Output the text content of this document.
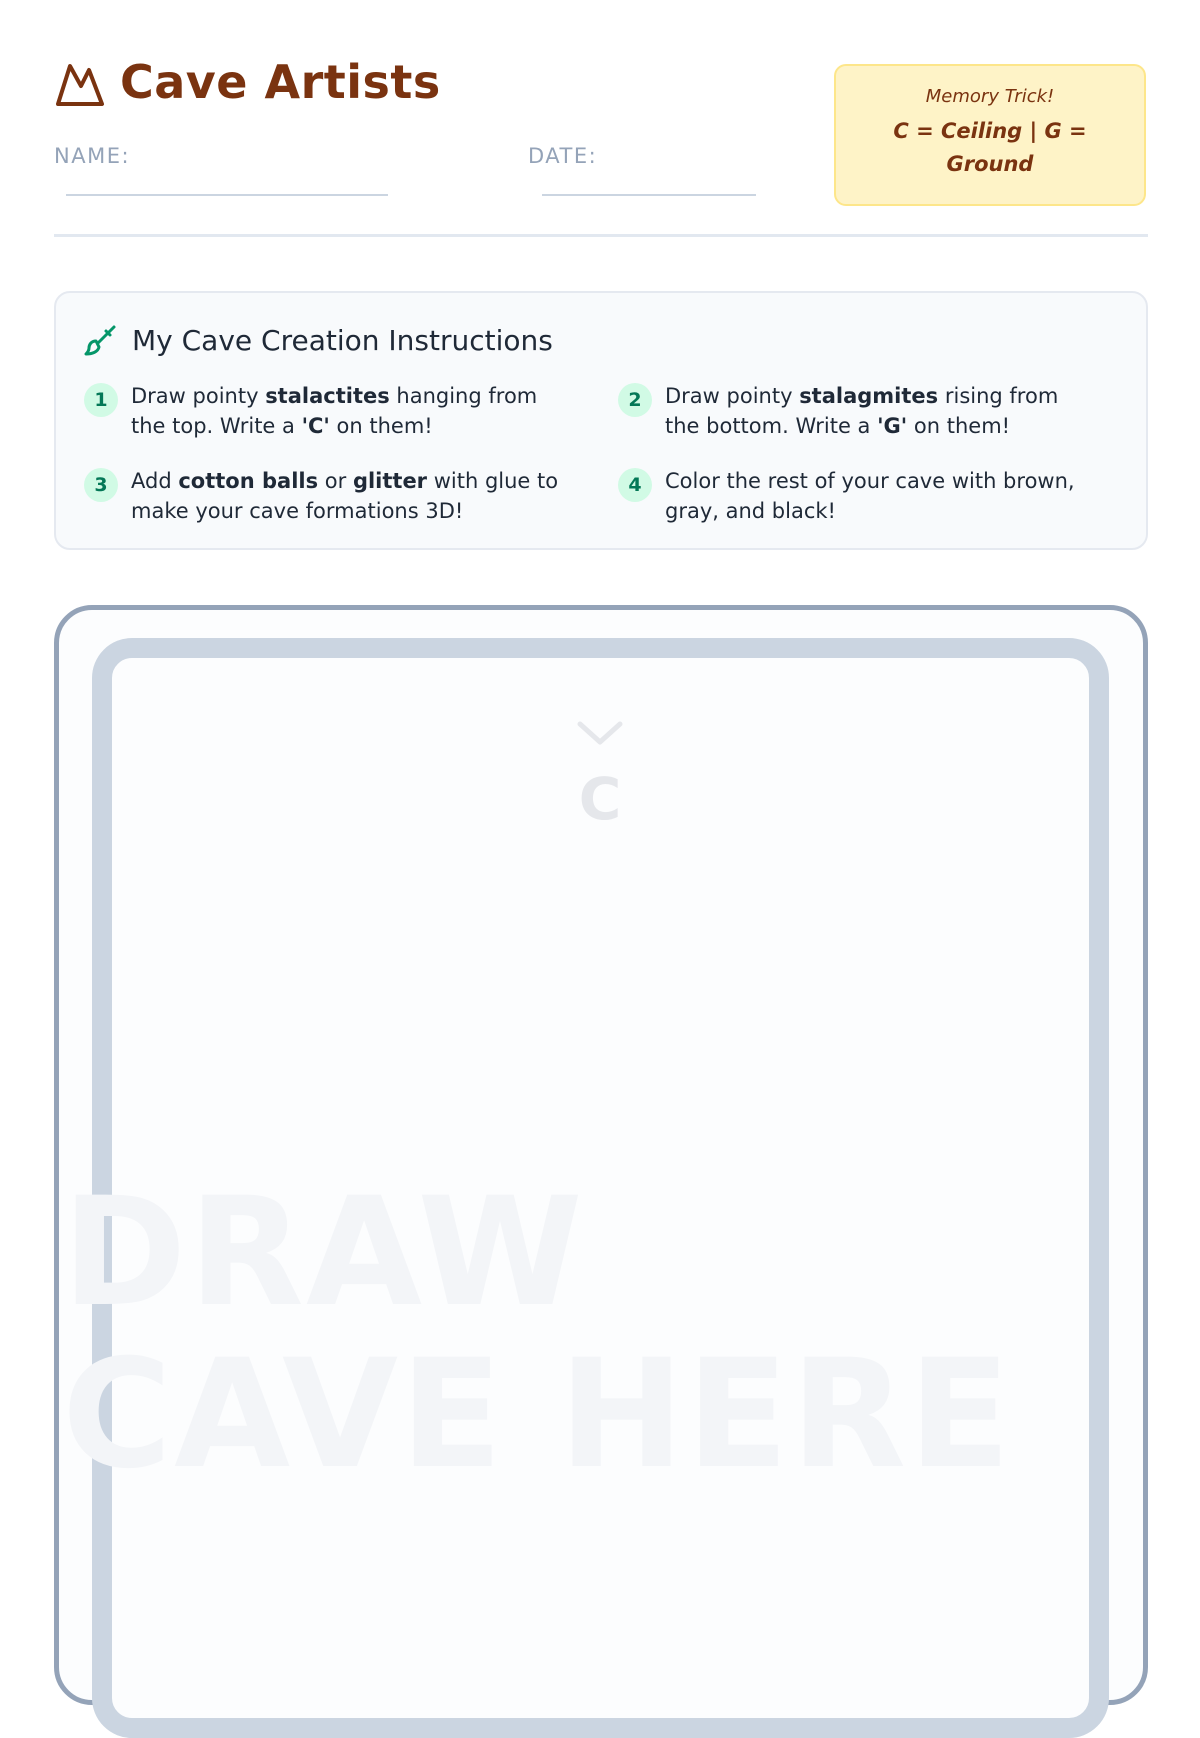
Cave Artists
NAME:	DATE:
Memory Trick!
C = Ceiling | G = Ground
My Cave Creation Instructions
1	Draw pointy stalactites hanging from the top. Write a 'C' on them!
2	Draw pointy stalagmites rising from the bottom. Write a 'G' on them!
3	Add cotton balls or glitter with glue to make your cave formations 3D!
4	Color the rest of your cave with brown, gray, and black!
C
DRAW
CAVE HERE
